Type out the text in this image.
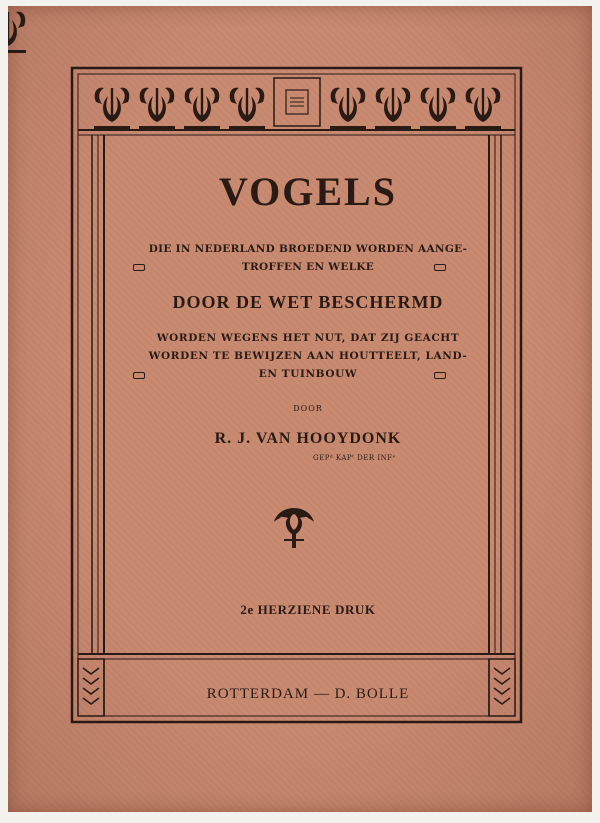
VOGELS
DIE IN NEDERLAND BROEDEND WORDEN AANGE-
TROFFEN EN WELKE
DOOR DE WET BESCHERMD
WORDEN WEGENS HET NUT, DAT ZIJ GEACHT
WORDEN TE BEWIJZEN AAN HOUTTEELT, LAND-
EN TUINBOUW
DOOR
R. J. VAN HOOYDONK
GEPᵈ KAPᵗ DER INFᵉ
2e HERZIENE DRUK
ROTTERDAM — D. BOLLE
